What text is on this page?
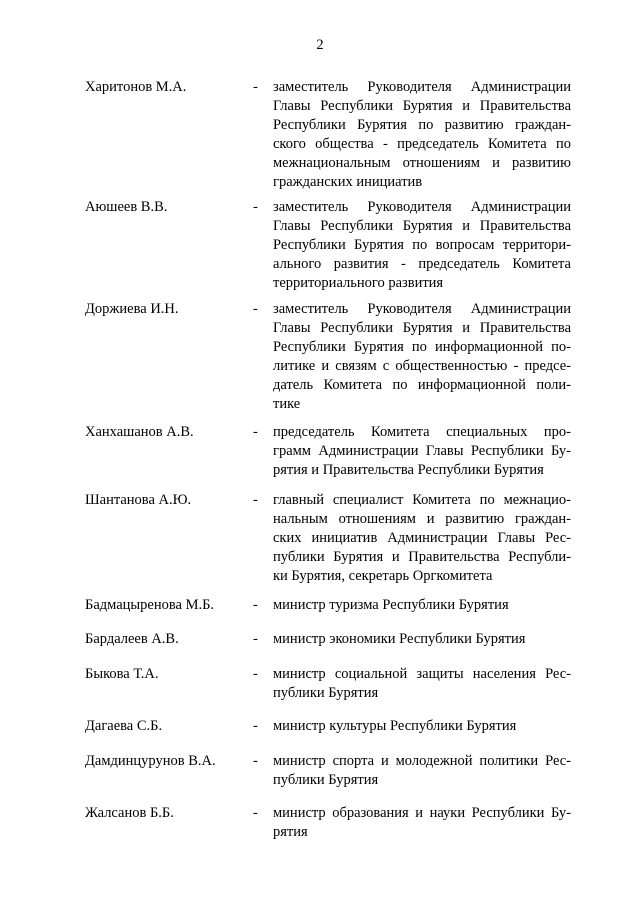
2
Харитонов М.А.	- заместитель Руководителя Администрации
Главы Республики Бурятия и Правительства
Республики Бурятия по развитию граждан-
ского общества - председатель Комитета по
межнациональным отношениям и развитию
гражданских инициатив
Аюшеев В.В.	- заместитель Руководителя Администрации
Главы Республики Бурятия и Правительства
Республики Бурятия по вопросам территори-
ального развития - председатель Комитета
территориального развития
Доржиева И.Н.	- заместитель Руководителя Администрации
Главы Республики Бурятия и Правительства
Республики Бурятия по информационной по-
литике и связям с общественностью - предсе-
датель Комитета по информационной поли-
тике
Ханхашанов А.В.	- председатель Комитета специальных про-
грамм Администрации Главы Республики Бу-
рятия и Правительства Республики Бурятия
Шантанова А.Ю.	- главный специалист Комитета по межнацио-
нальным отношениям и развитию граждан-
ских инициатив Администрации Главы Рес-
публики Бурятия и Правительства Республи-
ки Бурятия, секретарь Оргкомитета
Бадмацыренова М.Б.	- министр туризма Республики Бурятия
Бардалеев А.В.	- министр экономики Республики Бурятия
Быкова Т.А.	- министр социальной защиты населения Рес-
публики Бурятия
Дагаева С.Б.	- министр культуры Республики Бурятия
Дамдинцурунов В.А.	- министр спорта и молодежной политики Рес-
публики Бурятия
Жалсанов Б.Б.	- министр образования и науки Республики Бу-
рятия
